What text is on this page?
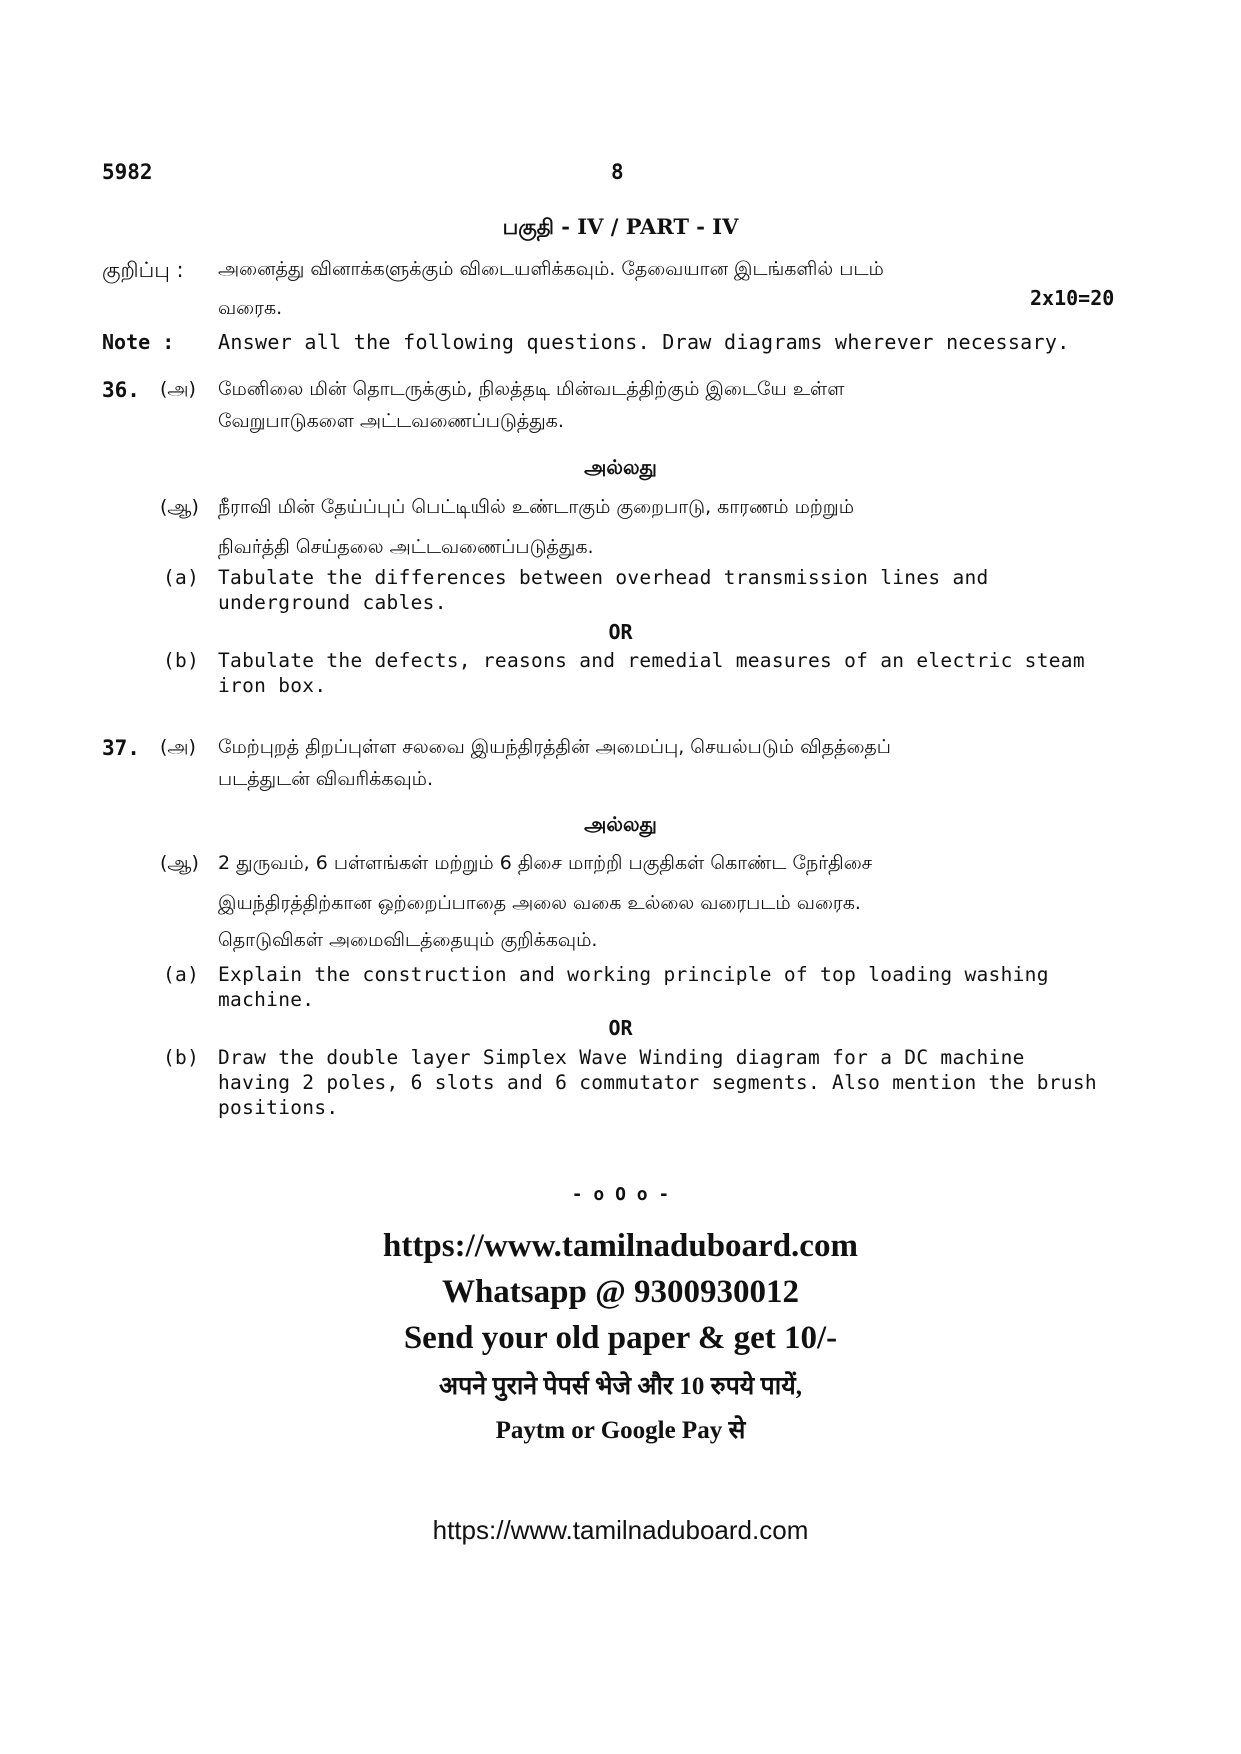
5982	8
பகுதி - IV / PART - IV
குறிப்பு : அனைத்து வினாக்களுக்கும் விடையளிக்கவும். தேவையான இடங்களில் படம்
வரைக.	2x10=20
Note : Answer all the following questions. Draw diagrams wherever necessary.
36. (அ) மேனிலை மின் தொடருக்கும், நிலத்தடி மின்வடத்திற்கும் இடையே உள்ள
வேறுபாடுகளை அட்டவணைப்படுத்துக.
அல்லது
(ஆ) நீராவி மின் தேய்ப்புப் பெட்டியில் உண்டாகும் குறைபாடு, காரணம் மற்றும்
நிவர்த்தி செய்தலை அட்டவணைப்படுத்துக.
(a) Tabulate the differences between overhead transmission lines and
underground cables.
OR
(b) Tabulate the defects, reasons and remedial measures of an electric steam
iron box.
37. (அ) மேற்புறத் திறப்புள்ள சலவை இயந்திரத்தின் அமைப்பு, செயல்படும் விதத்தைப்
படத்துடன் விவரிக்கவும்.
அல்லது
(ஆ) 2 துருவம், 6 பள்ளங்கள் மற்றும் 6 திசை மாற்றி பகுதிகள் கொண்ட நேர்திசை
இயந்திரத்திற்கான ஒற்றைப்பாதை அலை வகை உல்லை வரைபடம் வரைக.
தொடுவிகள் அமைவிடத்தையும் குறிக்கவும்.
(a) Explain the construction and working principle of top loading washing
machine.
OR
(b) Draw the double layer Simplex Wave Winding diagram for a DC machine
having 2 poles, 6 slots and 6 commutator segments. Also mention the brush
positions.
- o O o -
https://www.tamilnaduboard.com
Whatsapp @ 9300930012
Send your old paper & get 10/-
अपने पुराने पेपर्स भेजे और 10 रुपये पायें,
Paytm or Google Pay से
https://www.tamilnaduboard.com
